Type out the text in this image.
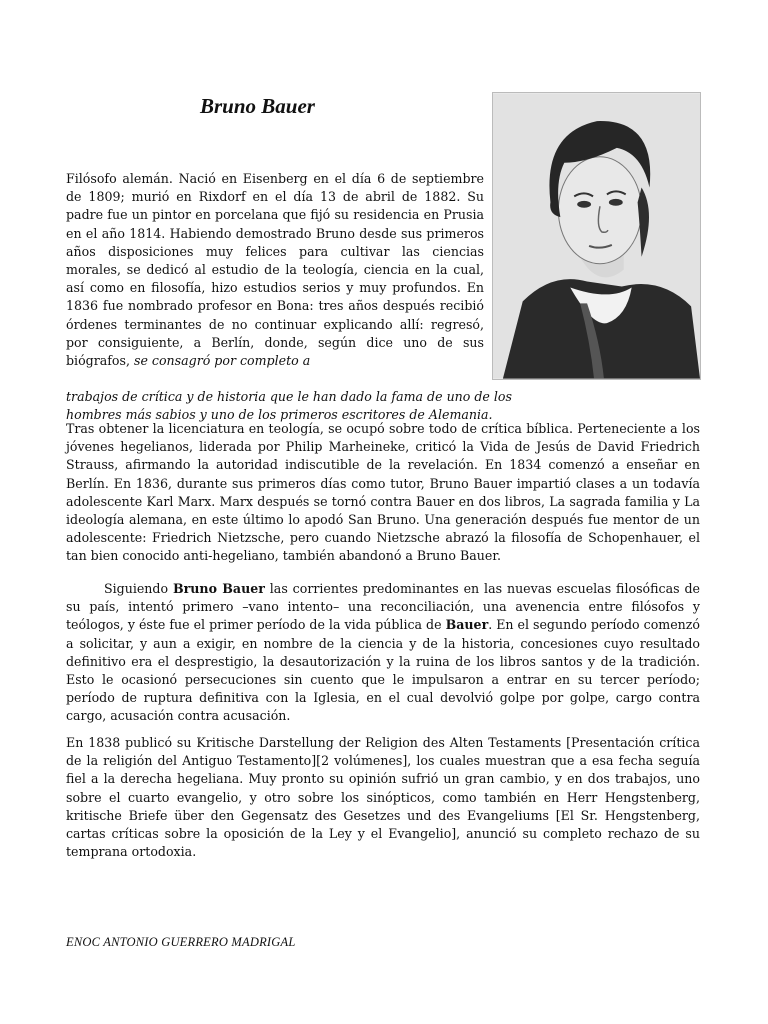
Bruno Bauer

Filósofo alemán. Nació en Eisenberg en el día 6 de septiembre de 1809; murió en Rixdorf en el día 13 de abril de 1882. Su padre fue un pintor en porcelana que fijó su residencia en Prusia en el año 1814. Habiendo demostrado Bruno desde sus primeros años disposiciones muy felices para cultivar las ciencias morales, se dedicó al estudio de la teología, ciencia en la cual, así como en filosofía, hizo estudios serios y muy profundos. En 1836 fue nombrado profesor en Bona: tres años después recibió órdenes terminantes de no continuar explicando allí: regresó, por consiguiente, a Berlín, donde, según dice uno de sus biógrafos, se consagró por completo a

trabajos de crítica y de historia que le han dado la fama de uno de los hombres más sabios y uno de los primeros escritores de Alemania.

Tras obtener la licenciatura en teología, se ocupó sobre todo de crítica bíblica. Perteneciente a los jóvenes hegelianos, liderada por Philip Marheineke, criticó la Vida de Jesús de David Friedrich Strauss, afirmando la autoridad indiscutible de la revelación. En 1834 comenzó a enseñar en Berlín. En 1836, durante sus primeros días como tutor, Bruno Bauer impartió clases a un todavía adolescente Karl Marx. Marx después se tornó contra Bauer en dos libros, La sagrada familia y La ideología alemana, en este último lo apodó San Bruno. Una generación después fue mentor de un adolescente: Friedrich Nietzsche, pero cuando Nietzsche abrazó la filosofía de Schopenhauer, el tan bien conocido anti-hegeliano, también abandonó a Bruno Bauer.

Siguiendo Bruno Bauer las corrientes predominantes en las nuevas escuelas filosóficas de su país, intentó primero –vano intento– una reconciliación, una avenencia entre filósofos y teólogos, y éste fue el primer período de la vida pública de Bauer. En el segundo período comenzó a solicitar, y aun a exigir, en nombre de la ciencia y de la historia, concesiones cuyo resultado definitivo era el desprestigio, la desautorización y la ruina de los libros santos y de la tradición. Esto le ocasionó persecuciones sin cuento que le impulsaron a entrar en su tercer período; período de ruptura definitiva con la Iglesia, en el cual devolvió golpe por golpe, cargo contra cargo, acusación contra acusación.

En 1838 publicó su Kritische Darstellung der Religion des Alten Testaments [Presentación crítica de la religión del Antiguo Testamento][2 volúmenes], los cuales muestran que a esa fecha seguía fiel a la derecha hegeliana. Muy pronto su opinión sufrió un gran cambio, y en dos trabajos, uno sobre el cuarto evangelio, y otro sobre los sinópticos, como también en Herr Hengstenberg, kritische Briefe über den Gegensatz des Gesetzes und des Evangeliums [El Sr. Hengstenberg, cartas críticas sobre la oposición de la Ley y el Evangelio], anunció su completo rechazo de su temprana ortodoxia.

ENOC ANTONIO GUERRERO MADRIGAL
